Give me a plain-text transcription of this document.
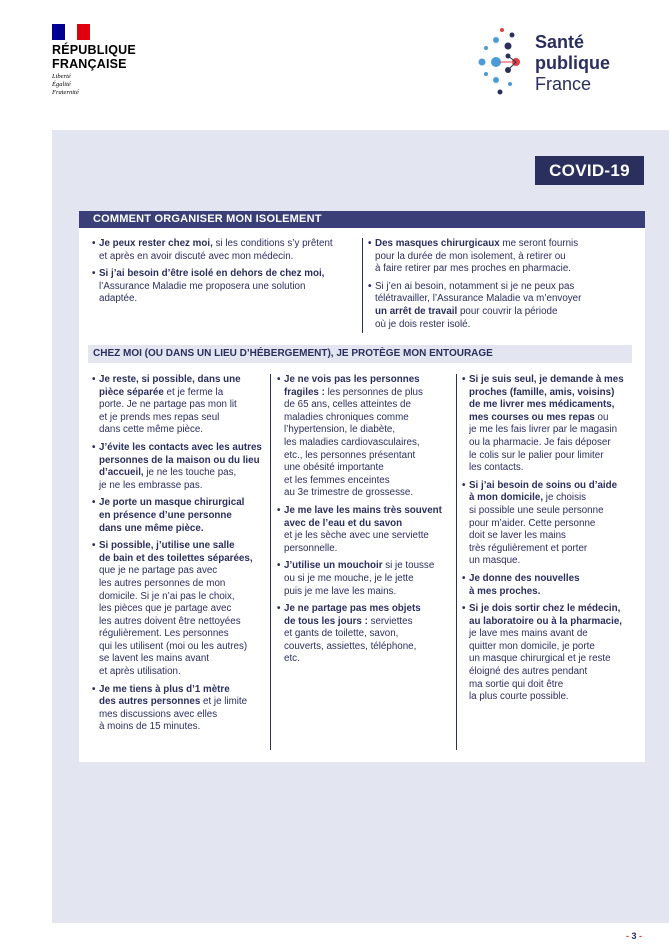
RÉPUBLIQUE
FRANÇAISE
Liberté
Égalité
Fraternité
Santé
publique
France
COVID-19
COMMENT ORGANISER MON ISOLEMENT
• Je peux rester chez moi, si les conditions s’y prêtent
et après en avoir discuté avec mon médecin.
• Si j’ai besoin d’être isolé en dehors de chez moi,
l’Assurance Maladie me proposera une solution
adaptée.
• Des masques chirurgicaux me seront fournis
pour la durée de mon isolement, à retirer ou
à faire retirer par mes proches en pharmacie.
• Si j’en ai besoin, notamment si je ne peux pas
télétravailler, l’Assurance Maladie va m’envoyer
un arrêt de travail pour couvrir la période
où je dois rester isolé.
CHEZ MOI (OU DANS UN LIEU D’HÉBERGEMENT), JE PROTÈGE MON ENTOURAGE
• Je reste, si possible, dans une
pièce séparée et je ferme la
porte. Je ne partage pas mon lit
et je prends mes repas seul
dans cette même pièce.
• J’évite les contacts avec les autres
personnes de la maison ou du lieu
d’accueil, je ne les touche pas,
je ne les embrasse pas.
• Je porte un masque chirurgical
en présence d’une personne
dans une même pièce.
• Si possible, j’utilise une salle
de bain et des toilettes séparées,
que je ne partage pas avec
les autres personnes de mon
domicile. Si je n’ai pas le choix,
les pièces que je partage avec
les autres doivent être nettoyées
régulièrement. Les personnes
qui les utilisent (moi ou les autres)
se lavent les mains avant
et après utilisation.
• Je me tiens à plus d’1 mètre
des autres personnes et je limite
mes discussions avec elles
à moins de 15 minutes.
• Je ne vois pas les personnes
fragiles : les personnes de plus
de 65 ans, celles atteintes de
maladies chroniques comme
l’hypertension, le diabète,
les maladies cardiovasculaires,
etc., les personnes présentant
une obésité importante
et les femmes enceintes
au 3e trimestre de grossesse.
• Je me lave les mains très souvent
avec de l’eau et du savon
et je les sèche avec une serviette
personnelle.
• J’utilise un mouchoir si je tousse
ou si je me mouche, je le jette
puis je me lave les mains.
• Je ne partage pas mes objets
de tous les jours : serviettes
et gants de toilette, savon,
couverts, assiettes, téléphone,
etc.
• Si je suis seul, je demande à mes
proches (famille, amis, voisins)
de me livrer mes médicaments,
mes courses ou mes repas ou
je me les fais livrer par le magasin
ou la pharmacie. Je fais déposer
le colis sur le palier pour limiter
les contacts.
• Si j’ai besoin de soins ou d’aide
à mon domicile, je choisis
si possible une seule personne
pour m’aider. Cette personne
doit se laver les mains
très régulièrement et porter
un masque.
• Je donne des nouvelles
à mes proches.
• Si je dois sortir chez le médecin,
au laboratoire ou à la pharmacie,
je lave mes mains avant de
quitter mon domicile, je porte
un masque chirurgical et je reste
éloigné des autres pendant
ma sortie qui doit être
la plus courte possible.
- 3 -
